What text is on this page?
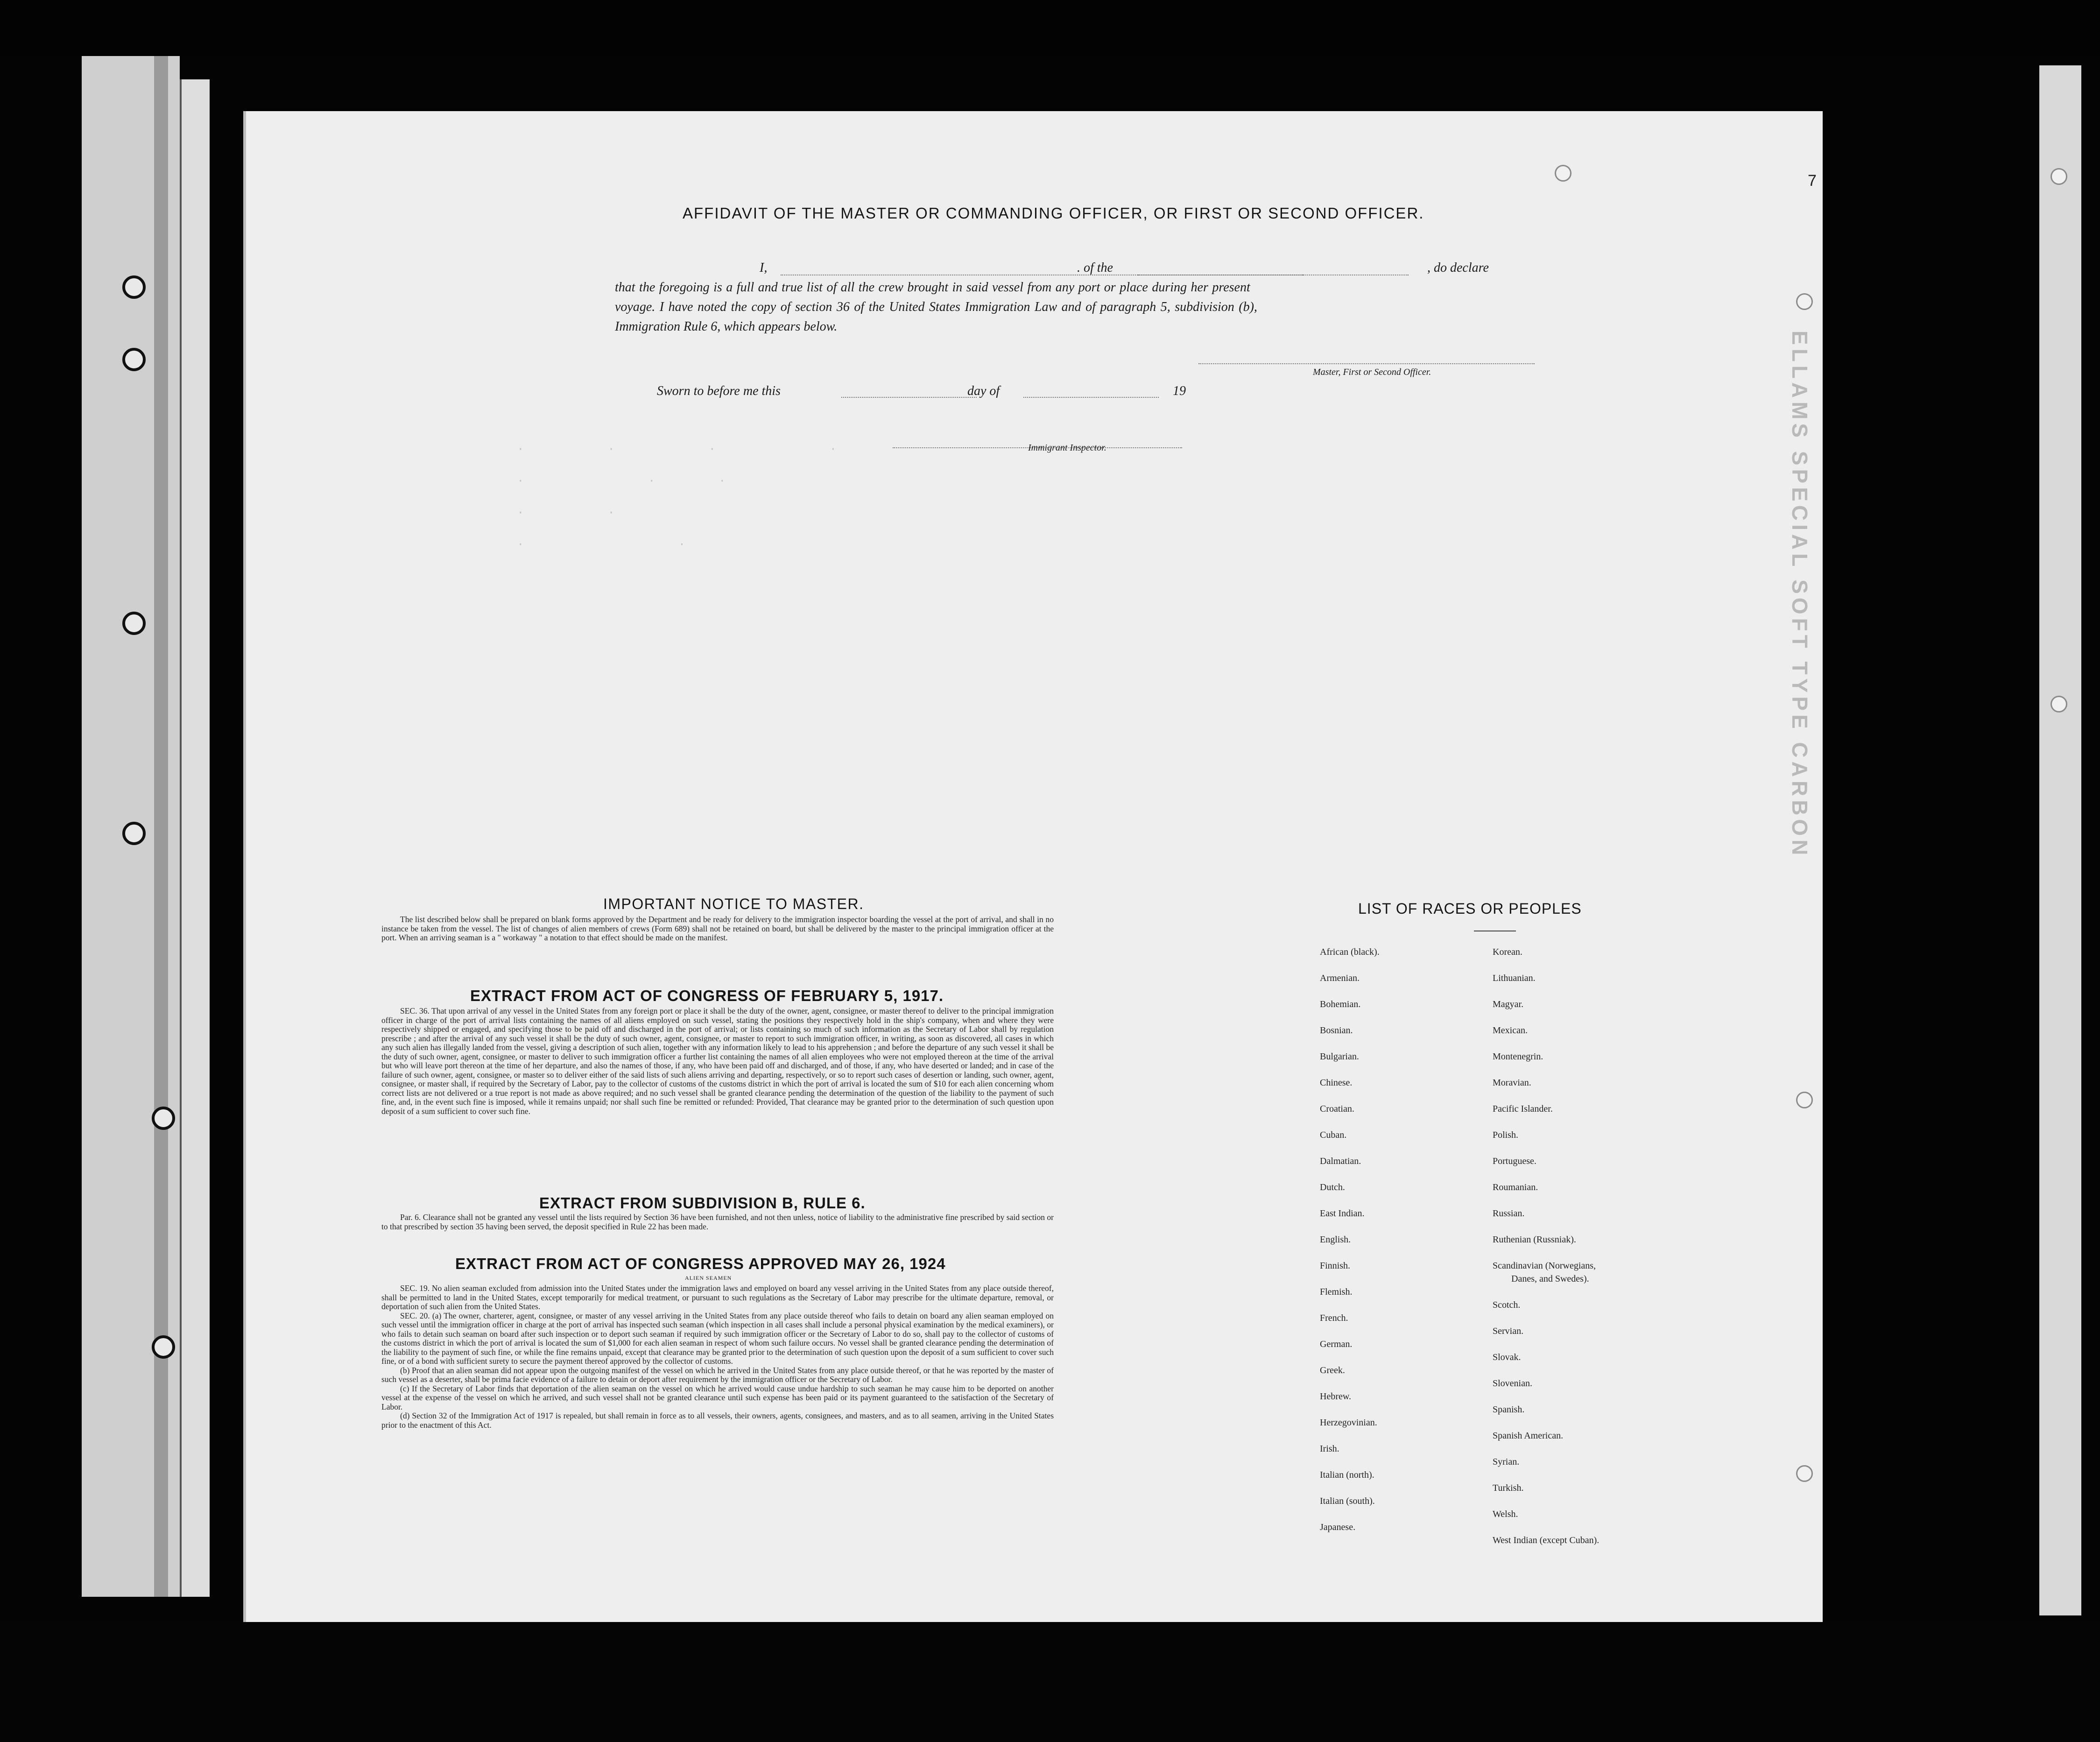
·        ·         ·           ·
·            ·      ·
·        ·
·               ·
7
ELLAMS SPECIAL SOFT TYPE CARBON
AFFIDAVIT OF THE MASTER OR COMMANDING OFFICER, OR FIRST OR SECOND OFFICER.
I,	. of the	, do declare
that the foregoing is a full and true list of all the crew brought in said vessel from any port or place during her present
voyage. I have noted the copy of section 36 of the United States Immigration Law and of paragraph 5, subdivision (b),
Immigration Rule 6, which appears below.
Master, First or Second Officer.
Sworn to before me this	day of	19
Immigrant Inspector.
IMPORTANT NOTICE TO MASTER.
The list described below shall be prepared on blank forms approved by the Department and be ready for delivery to the immigration inspector boarding the vessel at the port of arrival, and shall in no instance be taken from the vessel. The list of changes of alien members of crews (Form 689) shall not be retained on board, but shall be delivered by the master to the principal immigration officer at the port. When an arriving seaman is a " workaway " a notation to that effect should be made on the manifest.
EXTRACT FROM ACT OF CONGRESS OF FEBRUARY 5, 1917.
SEC. 36. That upon arrival of any vessel in the United States from any foreign port or place it shall be the duty of the owner, agent, consignee, or master thereof to deliver to the principal immigration officer in charge of the port of arrival lists containing the names of all aliens employed on such vessel, stating the positions they respectively hold in the ship's company, when and where they were respectively shipped or engaged, and specifying those to be paid off and discharged in the port of arrival; or lists containing so much of such information as the Secretary of Labor shall by regulation prescribe ; and after the arrival of any such vessel it shall be the duty of such owner, agent, consignee, or master to report to such immigration officer, in writing, as soon as discovered, all cases in which any such alien has illegally landed from the vessel, giving a description of such alien, together with any information likely to lead to his apprehension ; and before the departure of any such vessel it shall be the duty of such owner, agent, consignee, or master to deliver to such immigration officer a further list containing the names of all alien employees who were not employed thereon at the time of the arrival but who will leave port thereon at the time of her departure, and also the names of those, if any, who have been paid off and discharged, and of those, if any, who have deserted or landed; and in case of the failure of such owner, agent, consignee, or master so to deliver either of the said lists of such aliens arriving and departing, respectively, or so to report such cases of desertion or landing, such owner, agent, consignee, or master shall, if required by the Secretary of Labor, pay to the collector of customs of the customs district in which the port of arrival is located the sum of $10 for each alien concerning whom correct lists are not delivered or a true report is not made as above required; and no such vessel shall be granted clearance pending the determination of the question of the liability to the payment of such fine, and, in the event such fine is imposed, while it remains unpaid; nor shall such fine be remitted or refunded: Provided, That clearance may be granted prior to the determination of such question upon deposit of a sum sufficient to cover such fine.
EXTRACT FROM SUBDIVISION B, RULE 6.
Par. 6. Clearance shall not be granted any vessel until the lists required by Section 36 have been furnished, and not then unless, notice of liability to the administrative fine prescribed by said section or to that prescribed by section 35 having been served, the deposit specified in Rule 22 has been made.
EXTRACT FROM ACT OF CONGRESS APPROVED MAY 26, 1924
ALIEN SEAMEN

SEC. 19. No alien seaman excluded from admission into the United States under the immigration laws and employed on board any vessel arriving in the United States from any place outside thereof, shall be permitted to land in the United States, except temporarily for medical treatment, or pursuant to such regulations as the Secretary of Labor may prescribe for the ultimate departure, removal, or deportation of such alien from the United States.

SEC. 20. (a) The owner, charterer, agent, consignee, or master of any vessel arriving in the United States from any place outside thereof who fails to detain on board any alien seaman employed on such vessel until the immigration officer in charge at the port of arrival has inspected such seaman (which inspection in all cases shall include a personal physical examination by the medical examiners), or who fails to detain such seaman on board after such inspection or to deport such seaman if required by such immigration officer or the Secretary of Labor to do so, shall pay to the collector of customs of the customs district in which the port of arrival is located the sum of $1,000 for each alien seaman in respect of whom such failure occurs. No vessel shall be granted clearance pending the determination of the liability to the payment of such fine, or while the fine remains unpaid, except that clearance may be granted prior to the determination of such question upon the deposit of a sum sufficient to cover such fine, or of a bond with sufficient surety to secure the payment thereof approved by the collector of customs.

(b) Proof that an alien seaman did not appear upon the outgoing manifest of the vessel on which he arrived in the United States from any place outside thereof, or that he was reported by the master of such vessel as a deserter, shall be prima facie evidence of a failure to detain or deport after requirement by the immigration officer or the Secretary of Labor.

(c) If the Secretary of Labor finds that deportation of the alien seaman on the vessel on which he arrived would cause undue hardship to such seaman he may cause him to be deported on another vessel at the expense of the vessel on which he arrived, and such vessel shall not be granted clearance until such expense has been paid or its payment guaranteed to the satisfaction of the Secretary of Labor.

(d) Section 32 of the Immigration Act of 1917 is repealed, but shall remain in force as to all vessels, their owners, agents, consignees, and masters, and as to all seamen, arriving in the United States prior to the enactment of this Act.

LIST OF RACES OR PEOPLES
African (black).
Armenian.
Bohemian.
Bosnian.
Bulgarian.
Chinese.
Croatian.
Cuban.
Dalmatian.
Dutch.
East Indian.
English.
Finnish.
Flemish.
French.
German.
Greek.
Hebrew.
Herzegovinian.
Irish.
Italian (north).
Italian (south).
Japanese.
Korean.
Lithuanian.
Magyar.
Mexican.
Montenegrin.
Moravian.
Pacific Islander.
Polish.
Portuguese.
Roumanian.
Russian.
Ruthenian (Russniak).
Scandinavian (Norwegians,
Danes, and Swedes).
Scotch.
Servian.
Slovak.
Slovenian.
Spanish.
Spanish American.
Syrian.
Turkish.
Welsh.
West Indian (except Cuban).
